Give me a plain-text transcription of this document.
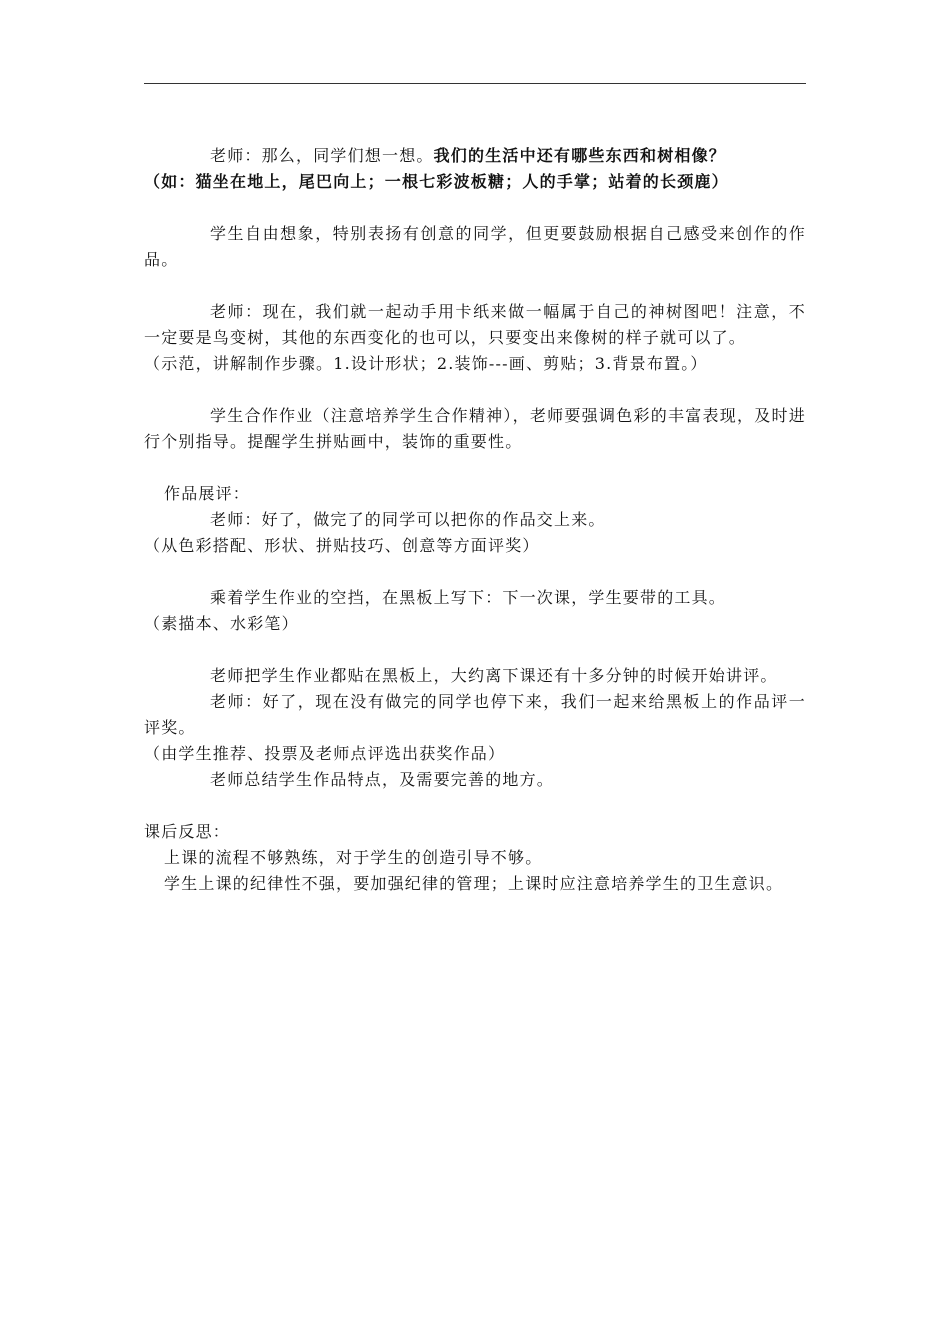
老师：那么，同学们想一想。我们的生活中还有哪些东西和树相像？

（如：猫坐在地上，尾巴向上；一根七彩波板糖；人的手掌；站着的长颈鹿）

学生自由想象，特别表扬有创意的同学，但更要鼓励根据自己感受来创作的作品。

老师：现在，我们就一起动手用卡纸来做一幅属于自己的神树图吧！注意，不一定要是鸟变树，其他的东西变化的也可以，只要变出来像树的样子就可以了。

（示范，讲解制作步骤。1.设计形状；2.装饰---画、剪贴；3.背景布置。）

学生合作作业（注意培养学生合作精神），老师要强调色彩的丰富表现，及时进行个别指导。提醒学生拼贴画中，装饰的重要性。

作品展评：

老师：好了，做完了的同学可以把你的作品交上来。

（从色彩搭配、形状、拼贴技巧、创意等方面评奖）

乘着学生作业的空挡，在黑板上写下：下一次课，学生要带的工具。

（素描本、水彩笔）

老师把学生作业都贴在黑板上，大约离下课还有十多分钟的时候开始讲评。

老师：好了，现在没有做完的同学也停下来，我们一起来给黑板上的作品评一评奖。

（由学生推荐、投票及老师点评选出获奖作品）

老师总结学生作品特点，及需要完善的地方。

课后反思：

上课的流程不够熟练，对于学生的创造引导不够。

学生上课的纪律性不强，要加强纪律的管理；上课时应注意培养学生的卫生意识。
